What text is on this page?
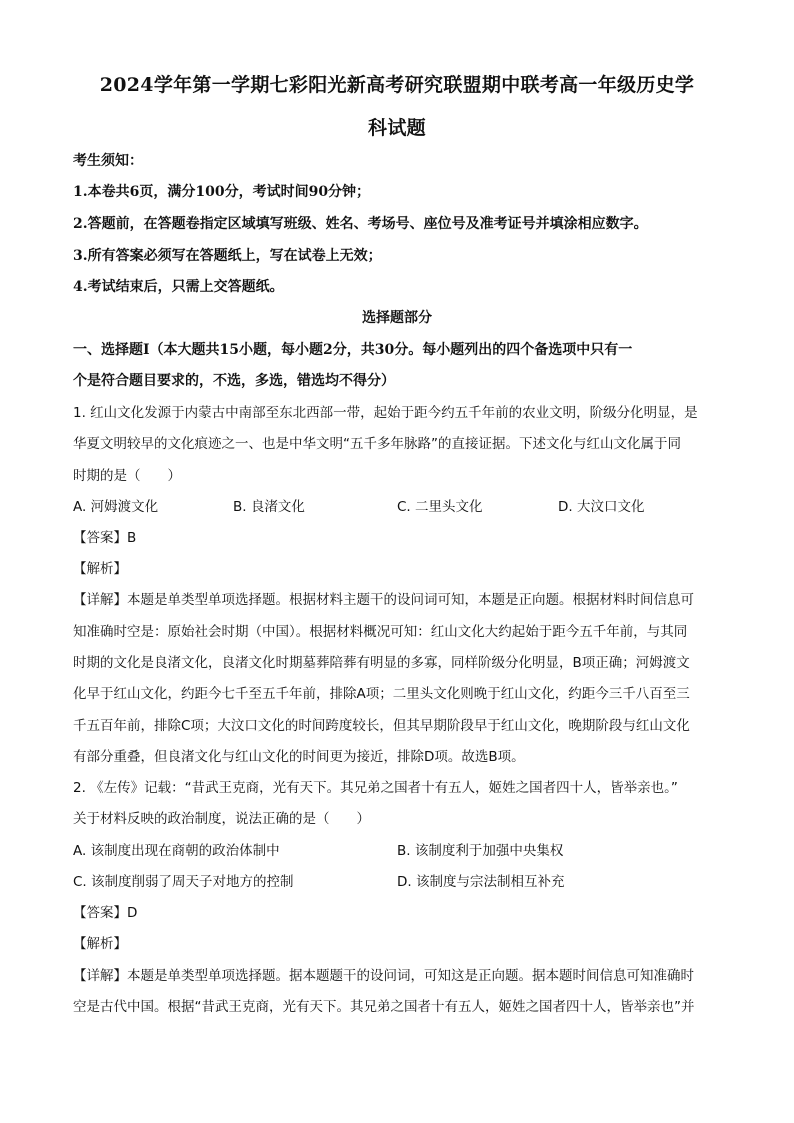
2024学年第一学期七彩阳光新高考研究联盟期中联考高一年级历史学
科试题
考生须知：
1.本卷共6页，满分100分，考试时间90分钟；
2.答题前，在答题卷指定区域填写班级、姓名、考场号、座位号及准考证号并填涂相应数字。
3.所有答案必须写在答题纸上，写在试卷上无效；
4.考试结束后，只需上交答题纸。
选择题部分
一、选择题Ⅰ（本大题共15小题，每小题2分，共30分。每小题列出的四个备选项中只有一
个是符合题目要求的，不选，多选，错选均不得分）
1. 红山文化发源于内蒙古中南部至东北西部一带，起始于距今约五千年前的农业文明，阶级分化明显，是
华夏文明较早的文化痕迹之一、也是中华文明“五千多年脉路”的直接证据。下述文化与红山文化属于同
时期的是（　　）
A. 河姆渡文化	B. 良渚文化	C. 二里头文化	D. 大汶口文化
【答案】B
【解析】
【详解】本题是单类型单项选择题。根据材料主题干的设问词可知，本题是正向题。根据材料时间信息可
知准确时空是：原始社会时期（中国）。根据材料概况可知：红山文化大约起始于距今五千年前，与其同
时期的文化是良渚文化，良渚文化时期墓葬陪葬有明显的多寡，同样阶级分化明显，B项正确；河姆渡文
化早于红山文化，约距今七千至五千年前，排除A项；二里头文化则晚于红山文化，约距今三千八百至三
千五百年前，排除C项；大汶口文化的时间跨度较长，但其早期阶段早于红山文化，晚期阶段与红山文化
有部分重叠，但良渚文化与红山文化的时间更为接近，排除D项。故选B项。
2. 《左传》记载：“昔武王克商，光有天下。其兄弟之国者十有五人，姬姓之国者四十人，皆举亲也。”
关于材料反映的政治制度，说法正确的是（　　）
A. 该制度出现在商朝的政治体制中	B. 该制度利于加强中央集权
C. 该制度削弱了周天子对地方的控制	D. 该制度与宗法制相互补充
【答案】D
【解析】
【详解】本题是单类型单项选择题。据本题题干的设问词，可知这是正向题。据本题时间信息可知准确时
空是古代中国。根据“昔武王克商，光有天下。其兄弟之国者十有五人，姬姓之国者四十人，皆举亲也”并
